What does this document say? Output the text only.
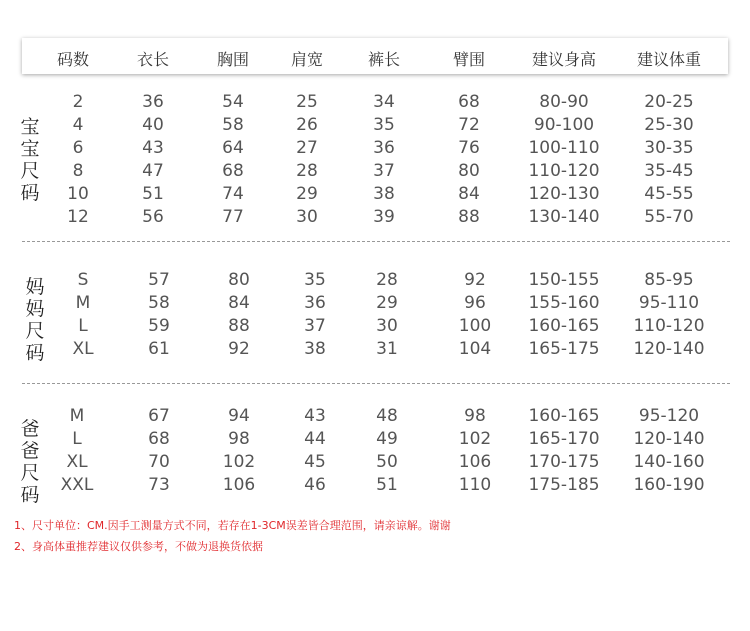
码数	衣长	胸围	肩宽	裤长	臂围	建议身高	建议体重
1、尺寸单位：CM.因手工测量方式不同，若存在1-3CM误差皆合理范围，请亲谅解。谢谢
2、身高体重推荐建议仅供参考，不做为退换货依据
宝宝尺码
2	36	54	25	34	68	80-90	20-25
4	40	58	26	35	72	90-100	25-30
6	43	64	27	36	76	100-110	30-35
8	47	68	28	37	80	110-120	35-45
10	51	74	29	38	84	120-130	45-55
12	56	77	30	39	88	130-140	55-70
妈妈尺码
S	57	80	35	28	92	150-155	85-95
M	58	84	36	29	96	155-160 95-110
L	59	88	37	30	100 160-165 110-120
XL	61	92	38	31	104 165-175 120-140
爸爸尺码
M	67	94	43	48	98	160-165 95-120
L	68	98	44	49	102 165-170 120-140
XL	70	102	45	50	106 170-175 140-160
XXL	73	106	46	51	110 175-185 160-190
